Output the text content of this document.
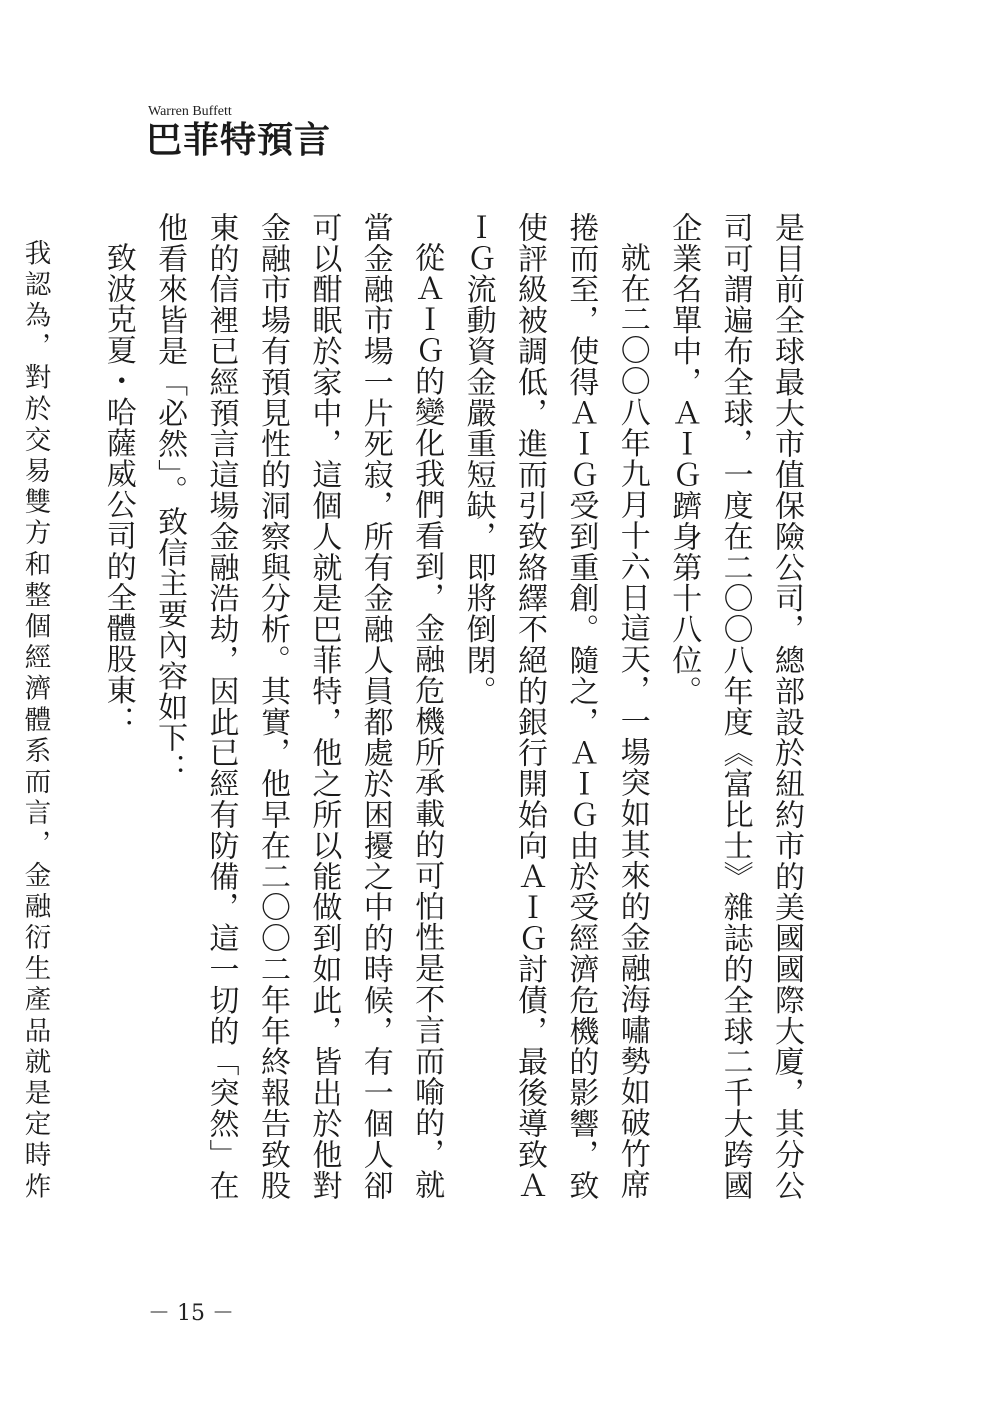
Warren Buffett
巴菲特預言

是目前全球最大市值保險公司，總部設於紐約市的美國國際大廈，其分公司可謂遍布全球，一度在二〇〇八年度《富比士》雜誌的全球二千大跨國企業名單中，ＡＩＧ躋身第十八位。

就在二〇〇八年九月十六日這天，一場突如其來的金融海嘯勢如破竹席捲而至，使得ＡＩＧ受到重創。隨之，ＡＩＧ由於受經濟危機的影響，致使評級被調低，進而引致絡繹不絕的銀行開始向ＡＩＧ討債，最後導致ＡＩＧ流動資金嚴重短缺，即將倒閉。

從ＡＩＧ的變化我們看到，金融危機所承載的可怕性是不言而喻的，就當金融市場一片死寂，所有金融人員都處於困擾之中的時候，有一個人卻可以酣眠於家中，這個人就是巴菲特，他之所以能做到如此，皆出於他對金融市場有預見性的洞察與分析。其實，他早在二〇〇二年年終報告致股東的信裡已經預言這場金融浩劫，因此已經有防備，這一切的「突然」在他看來皆是「必然」。致信主要內容如下：

致波克夏・哈薩威公司的全體股東：

我認為，對於交易雙方和整個經濟體系而言，金融衍生產品就是定時炸

－ 15 －
